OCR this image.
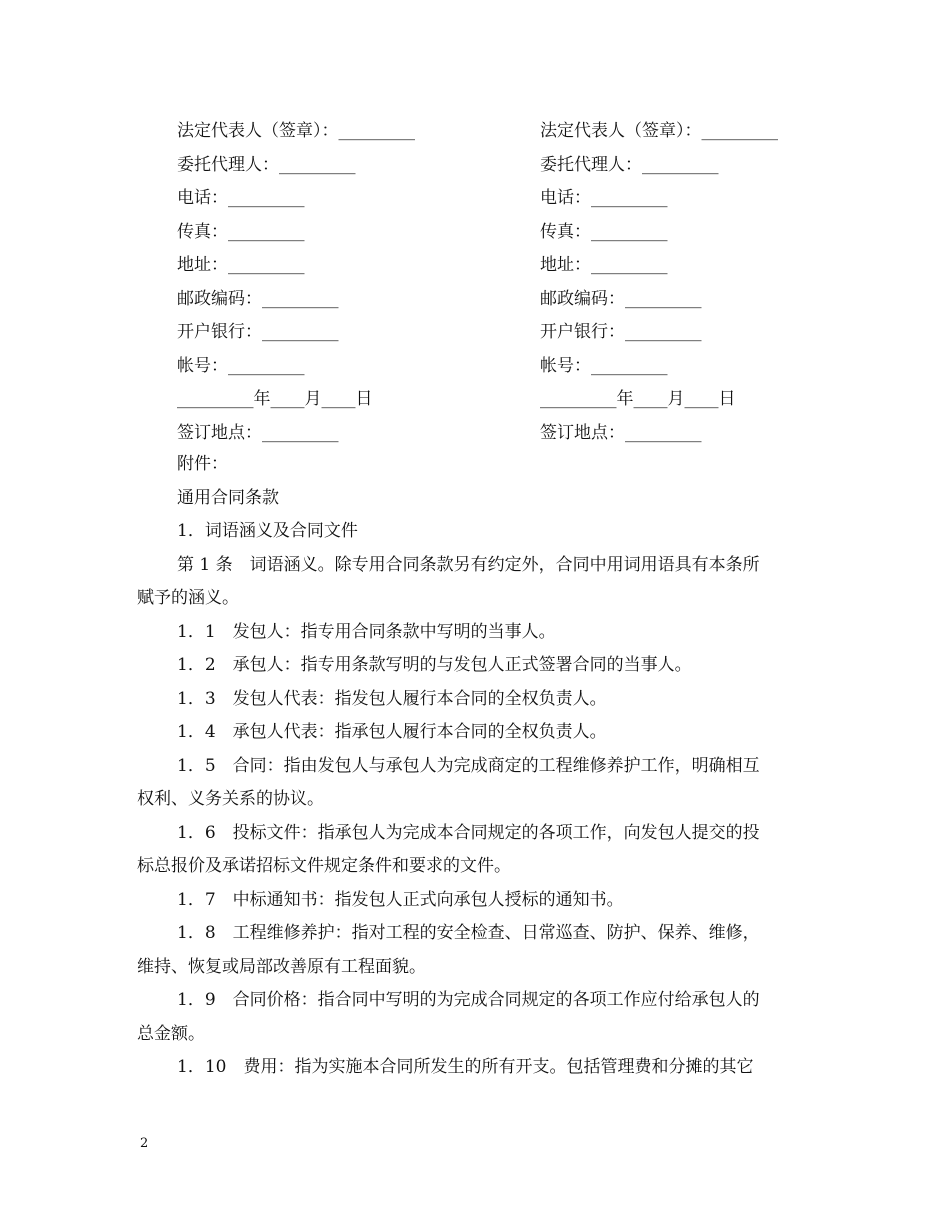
法定代表人（签章）：_________	法定代表人（签章）：_________
委托代理人：_________	委托代理人：_________
电话：_________	电话：_________
传真：_________	传真：_________
地址：_________	地址：_________
邮政编码：_________	邮政编码：_________
开户银行：_________	开户银行：_________
帐号：_________	帐号：_________
_________年____月____日	_________年____月____日
签订地点：_________	签订地点：_________
附件：
通用合同条款
1．词语涵义及合同文件
第 1 条　词语涵义。除专用合同条款另有约定外，合同中用词用语具有本条所
赋予的涵义。
1．1　发包人：指专用合同条款中写明的当事人。
1．2　承包人：指专用条款写明的与发包人正式签署合同的当事人。
1．3　发包人代表：指发包人履行本合同的全权负责人。
1．4　承包人代表：指承包人履行本合同的全权负责人。
1．5　合同：指由发包人与承包人为完成商定的工程维修养护工作，明确相互
权利、义务关系的协议。
1．6　投标文件：指承包人为完成本合同规定的各项工作，向发包人提交的投
标总报价及承诺招标文件规定条件和要求的文件。
1．7　中标通知书：指发包人正式向承包人授标的通知书。
1．8　工程维修养护：指对工程的安全检查、日常巡查、防护、保养、维修，
维持、恢复或局部改善原有工程面貌。
1．9　合同价格：指合同中写明的为完成合同规定的各项工作应付给承包人的
总金额。
1．10　费用：指为实施本合同所发生的所有开支。包括管理费和分摊的其它
2
